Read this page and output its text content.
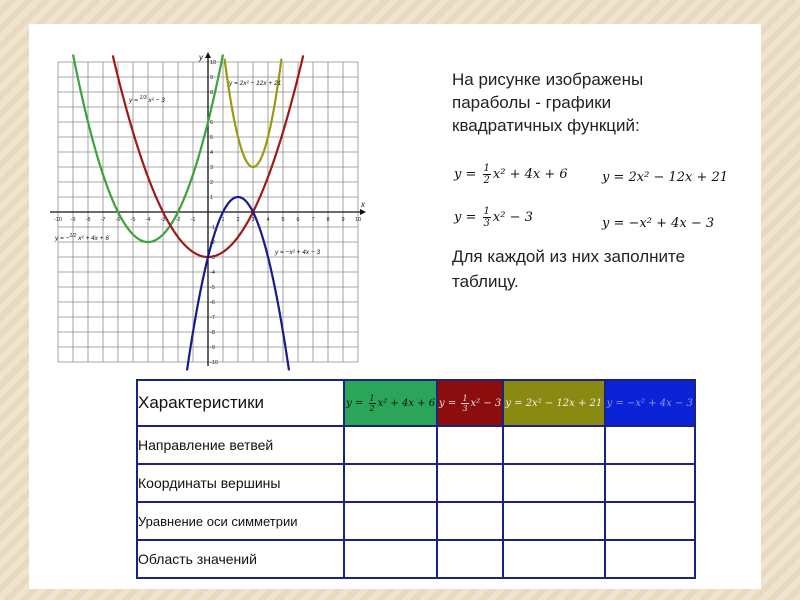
x
y
-10 -9 -8 -7 -6 -5 -4 -3 -2 -1	1 2 3 4 5 6 7 8 9 10
10
9
8
7
6
5
4
3
2
1
-1
-2
-3
-4
-5
-6
-7
-8
-9
-10
y = −$^{1/2}$ x² + 4x + 6
y = $^{1/3}$ x² − 3
y = 2x² − 12x + 21
y = −x² + 4x − 3
На рисунке изображены
параболы - графики
квадратичных функций:
$y = \frac{1}{2} x^2 + 4x + 6$	y = 2x² − 12x + 21
$y = \frac{1}{3} x^2 - 3$	y = −x² + 4x − 3
Для каждой из них заполните
таблицу.
Характеристики	$y = \frac{1}{2} x^2 + 4x + 6$	$y = \frac{1}{3} x^2 - 3$	y = 2x² − 12x + 21	y = −x² + 4x − 3
Направление ветвей				
Координаты вершины				
Уравнение оси симметрии				
Область значений				
